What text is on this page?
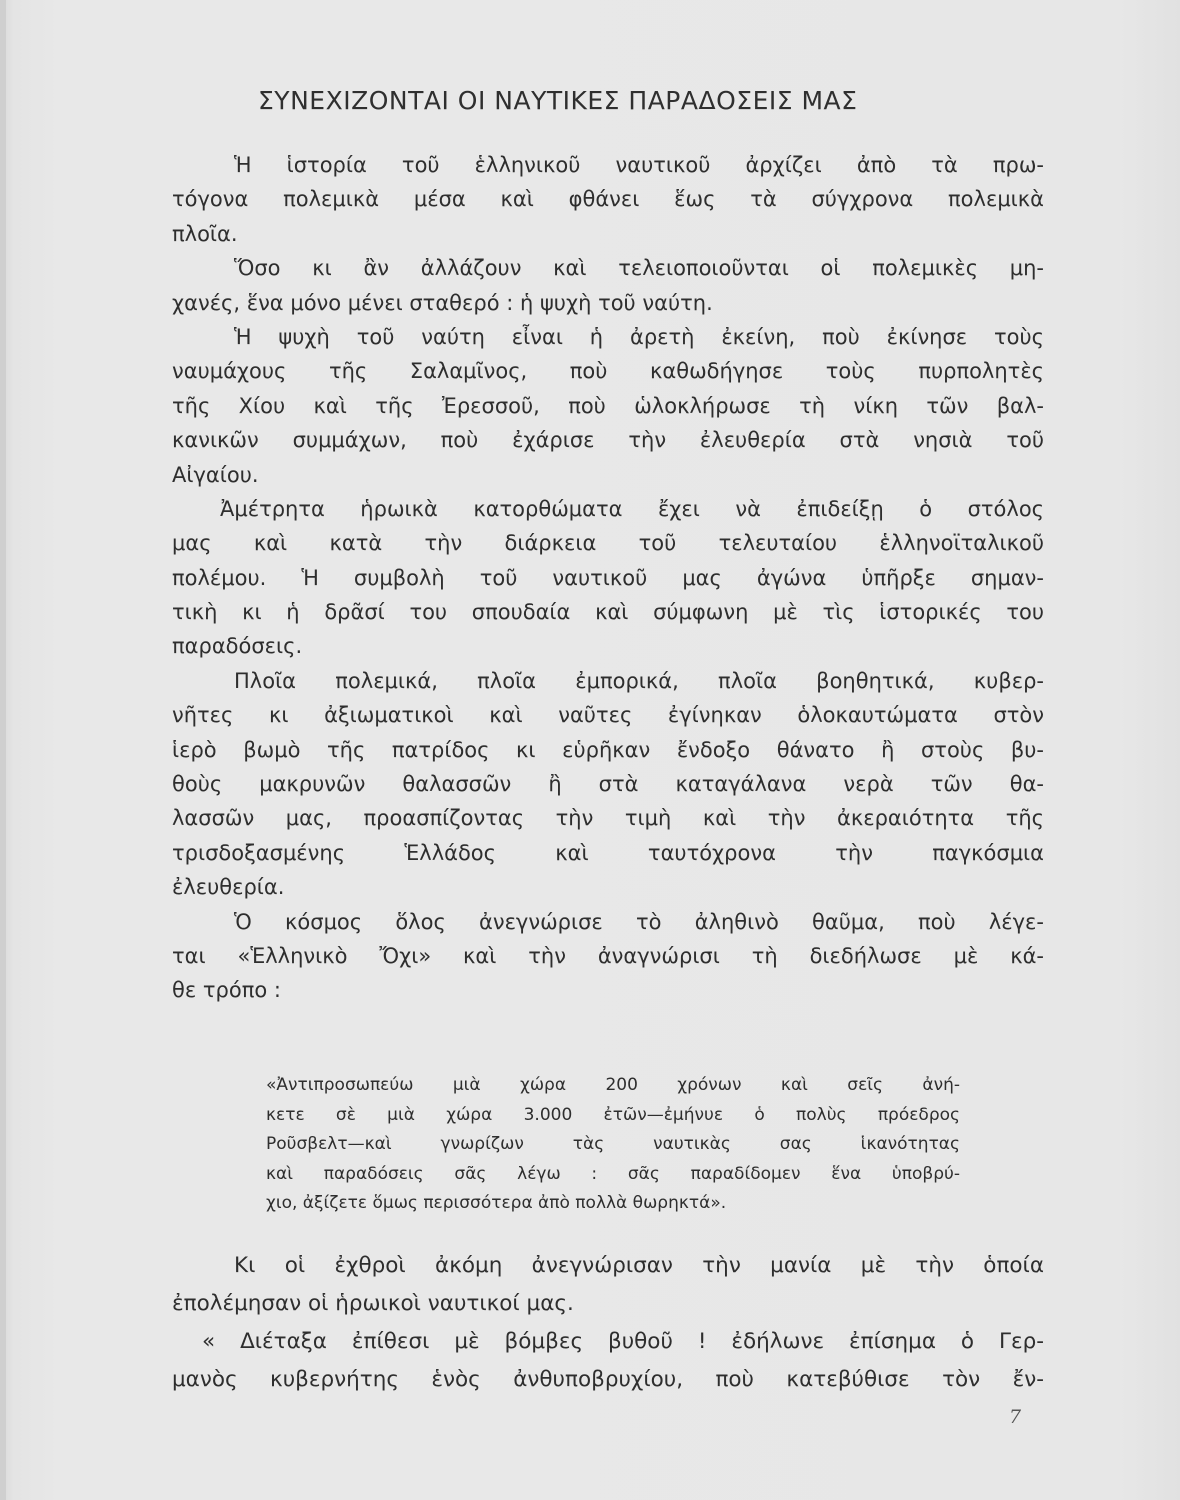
ΣΥΝΕΧΙΖΟΝΤΑΙ ΟΙ ΝΑΥΤΙΚΕΣ ΠΑΡΑΔΟΣΕΙΣ ΜΑΣ
Ἡ ἱστορία τοῦ ἑλληνικοῦ ναυτικοῦ ἀρχίζει ἀπὸ τὰ πρω-
τόγονα πολεμικὰ μέσα καὶ φθάνει ἕως τὰ σύγχρονα πολεμικὰ
πλοῖα.
Ὅσο κι ἂν ἀλλάζουν καὶ τελειοποιοῦνται οἱ πολεμικὲς μη-
χανές, ἕνα μόνο μένει σταθερό : ἡ ψυχὴ τοῦ ναύτη.
Ἡ ψυχὴ τοῦ ναύτη εἶναι ἡ ἀρετὴ ἐκείνη, ποὺ ἐκίνησε τοὺς
ναυμάχους τῆς Σαλαμῖνος, ποὺ καθωδήγησε τοὺς πυρπολητὲς
τῆς Χίου καὶ τῆς Ἐρεσσοῦ, ποὺ ὡλοκλήρωσε τὴ νίκη τῶν βαλ-
κανικῶν συμμάχων, ποὺ ἐχάρισε τὴν ἐλευθερία στὰ νησιὰ τοῦ
Αἰγαίου.
Ἀμέτρητα ἡρωικὰ κατορθώματα ἔχει νὰ ἐπιδείξῃ ὁ στόλος
μας καὶ κατὰ τὴν διάρκεια τοῦ τελευταίου ἑλληνοϊταλικοῦ
πολέμου. Ἡ συμβολὴ τοῦ ναυτικοῦ μας ἀγώνα ὑπῆρξε σημαν-
τικὴ κι ἡ δρᾶσί του σπουδαία καὶ σύμφωνη μὲ τὶς ἱστορικές του
παραδόσεις.
Πλοῖα πολεμικά, πλοῖα ἐμπορικά, πλοῖα βοηθητικά, κυβερ-
νῆτες κι ἀξιωματικοὶ καὶ ναῦτες ἐγίνηκαν ὁλοκαυτώματα στὸν
ἱερὸ βωμὸ τῆς πατρίδος κι εὑρῆκαν ἔνδοξο θάνατο ἢ στοὺς βυ-
θοὺς μακρυνῶν θαλασσῶν ἢ στὰ καταγάλανα νερὰ τῶν θα-
λασσῶν μας, προασπίζοντας τὴν τιμὴ καὶ τὴν ἀκεραιότητα τῆς
τρισδοξασμένης Ἑλλάδος καὶ ταυτόχρονα τὴν παγκόσμια
ἐλευθερία.
Ὁ κόσμος ὅλος ἀνεγνώρισε τὸ ἀληθινὸ θαῦμα, ποὺ λέγε-
ται «Ἑλληνικὸ Ὄχι» καὶ τὴν ἀναγνώρισι τὴ διεδήλωσε μὲ κά-
θε τρόπο :
«Ἀντιπροσωπεύω μιὰ χώρα 200 χρόνων καὶ σεῖς ἀνή-
κετε σὲ μιὰ χώρα 3.000 ἐτῶν—ἐμήνυε ὁ πολὺς πρόεδρος
Ροῦσβελτ—καὶ γνωρίζων τὰς ναυτικὰς σας ἱκανότητας
καὶ παραδόσεις σᾶς λέγω : σᾶς παραδίδομεν ἕνα ὑποβρύ-
χιο, ἀξίζετε ὅμως περισσότερα ἀπὸ πολλὰ θωρηκτά».
Κι οἱ ἐχθροὶ ἀκόμη ἀνεγνώρισαν τὴν μανία μὲ τὴν ὁποία
ἐπολέμησαν οἱ ἡρωικοὶ ναυτικοί μας.
« Διέταξα ἐπίθεσι μὲ βόμβες βυθοῦ ! ἐδήλωνε ἐπίσημα ὁ Γερ-
μανὸς κυβερνήτης ἑνὸς ἀνθυποβρυχίου, ποὺ κατεβύθισε τὸν ἔν-
7
